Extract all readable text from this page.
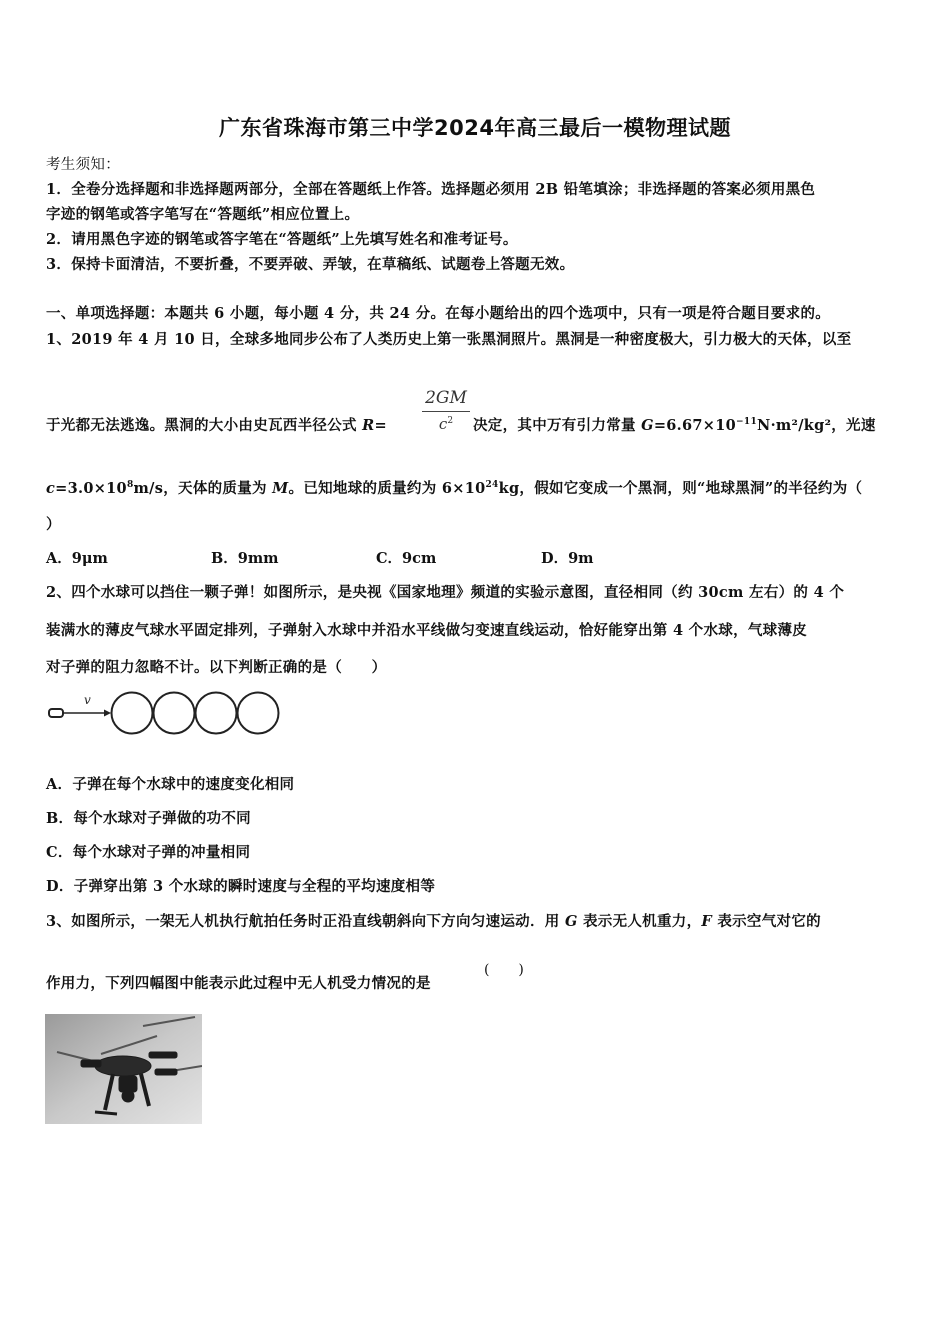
广东省珠海市第三中学2024年高三最后一模物理试题
考生须知：
1．全卷分选择题和非选择题两部分，全部在答题纸上作答。选择题必须用 2B 铅笔填涂；非选择题的答案必须用黑色
字迹的钢笔或答字笔写在“答题纸”相应位置上。
2．请用黑色字迹的钢笔或答字笔在“答题纸”上先填写姓名和准考证号。
3．保持卡面清洁，不要折叠，不要弄破、弄皱，在草稿纸、试题卷上答题无效。
一、单项选择题：本题共 6 小题，每小题 4 分，共 24 分。在每小题给出的四个选项中，只有一项是符合题目要求的。
1、2019 年 4 月 10 日，全球多地同步公布了人类历史上第一张黑洞照片。黑洞是一种密度极大，引力极大的天体，以至
于光都无法逃逸。黑洞的大小由史瓦西半径公式 R=
2GM
$c^2$	决定，其中万有引力常量 $G=6.67\times 10^{-11}N\cdot m^2$/kg²，光速
$c=3.0\times 10^8m/s$，天体的质量为 M。已知地球的质量约为 $6\times 10^{24}kg$，假如它变成一个黑洞，则“地球黑洞”的半径约为（
）
A．9μm	B．9mm	C．9cm	D．9m
2、四个水球可以挡住一颗子弹！如图所示，是央视《国家地理》频道的实验示意图，直径相同（约 30cm 左右）的 4 个
装满水的薄皮气球水平固定排列，子弹射入水球中并沿水平线做匀变速直线运动，恰好能穿出第 4 个水球，气球薄皮
对子弹的阻力忽略不计。以下判断正确的是（　　）
v
A．子弹在每个水球中的速度变化相同
B．每个水球对子弹做的功不同
C．每个水球对子弹的冲量相同
D．子弹穿出第 3 个水球的瞬时速度与全程的平均速度相等
3、如图所示，一架无人机执行航拍任务时正沿直线朝斜向下方向匀速运动．用 G 表示无人机重力，F 表示空气对它的
作用力，下列四幅图中能表示此过程中无人机受力情况的是
(　　)
